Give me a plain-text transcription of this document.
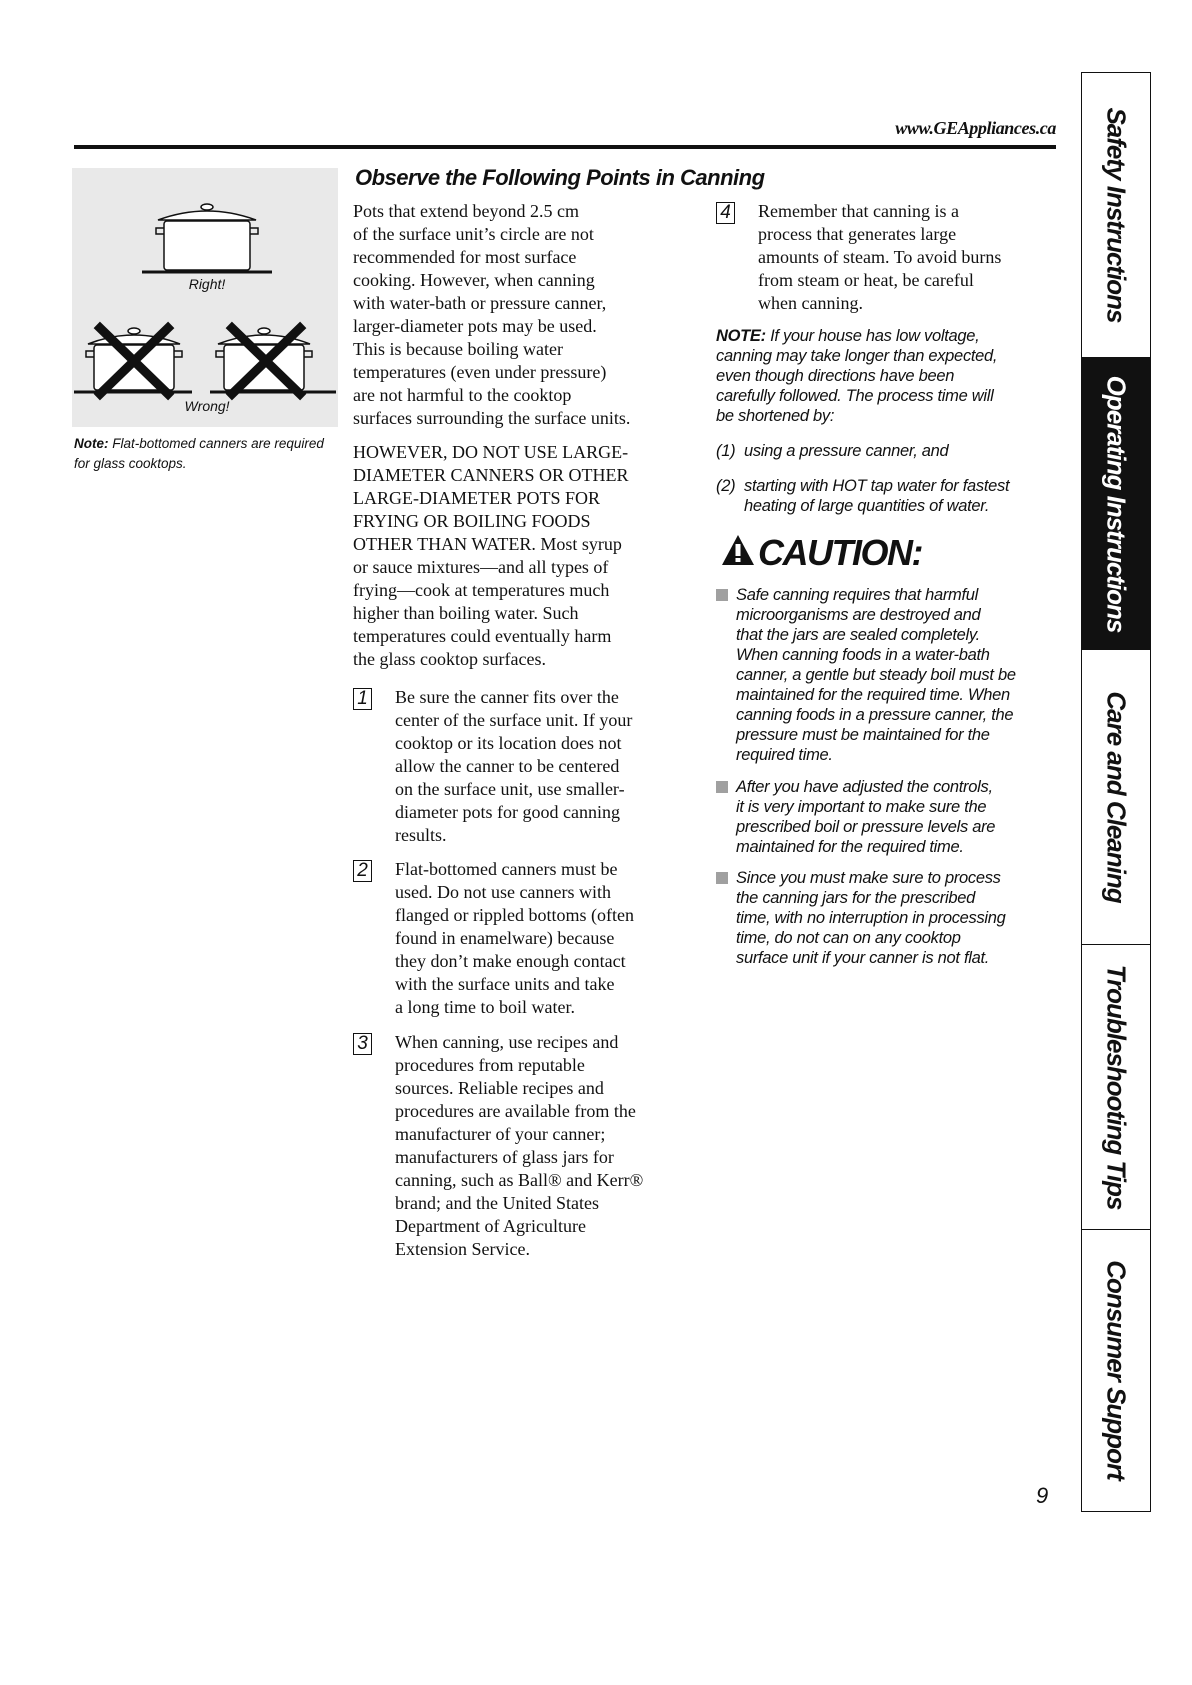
www.GEAppliances.ca
Right!
Wrong!
Note: Flat-bottomed canners are required for glass cooktops.
Observe the Following Points in Canning
Pots that extend beyond 2.5 cm
of the surface unit’s circle are not
recommended for most surface
cooking. However, when canning
with water-bath or pressure canner,
larger-diameter pots may be used.
This is because boiling water
temperatures (even under pressure)
are not harmful to the cooktop
surfaces surrounding the surface units.
HOWEVER, DO NOT USE LARGE-
DIAMETER CANNERS OR OTHER
LARGE-DIAMETER POTS FOR
FRYING OR BOILING FOODS
OTHER THAN WATER. Most syrup
or sauce mixtures—and all types of
frying—cook at temperatures much
higher than boiling water. Such
temperatures could eventually harm
the glass cooktop surfaces.
1 Be sure the canner fits over the
center of the surface unit. If your
cooktop or its location does not
allow the canner to be centered
on the surface unit, use smaller-
diameter pots for good canning
results.
2 Flat-bottomed canners must be
used. Do not use canners with
flanged or rippled bottoms (often
found in enamelware) because
they don’t make enough contact
with the surface units and take
a long time to boil water.
3 When canning, use recipes and
procedures from reputable
sources. Reliable recipes and
procedures are available from the
manufacturer of your canner;
manufacturers of glass jars for
canning, such as Ball® and Kerr®
brand; and the United States
Department of Agriculture
Extension Service.
4 Remember that canning is a
process that generates large
amounts of steam. To avoid burns
from steam or heat, be careful
when canning.
NOTE: If your house has low voltage,
canning may take longer than expected,
even though directions have been
carefully followed. The process time will
be shortened by:
(1) using a pressure canner, and
(2) starting with HOT tap water for fastest
heating of large quantities of water.
CAUTION:
Safe canning requires that harmful
microorganisms are destroyed and
that the jars are sealed completely.
When canning foods in a water-bath
canner, a gentle but steady boil must be
maintained for the required time. When
canning foods in a pressure canner, the
pressure must be maintained for the
required time.
After you have adjusted the controls,
it is very important to make sure the
prescribed boil or pressure levels are
maintained for the required time.
Since you must make sure to process
the canning jars for the prescribed
time, with no interruption in processing
time, do not can on any cooktop
surface unit if your canner is not flat.
9
Safety Instructions
Operating Instructions
Care and Cleaning
Troubleshooting Tips
Consumer Support
